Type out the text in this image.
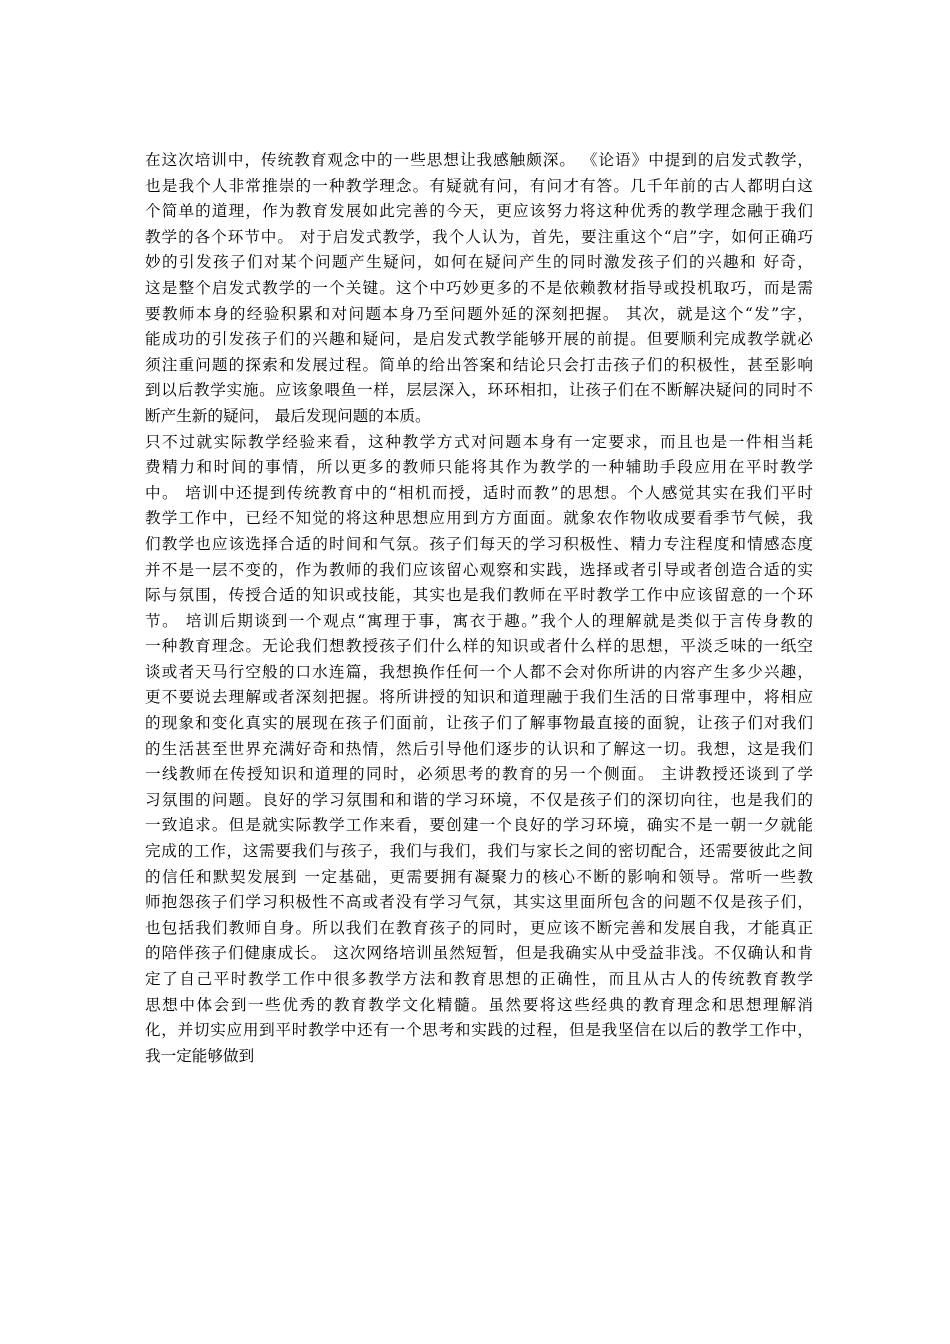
在这次培训中，传统教育观念中的一些思想让我感触颇深。 《论语》中提到的启发式教学，
也是我个人非常推崇的一种教学理念。有疑就有问，有问才有答。几千年前的古人都明白这
个简单的道理，作为教育发展如此完善的今天，更应该努力将这种优秀的教学理念融于我们
教学的各个环节中。 对于启发式教学，我个人认为，首先，要注重这个“启”字，如何正确巧
妙的引发孩子们对某个问题产生疑问，如何在疑问产生的同时激发孩子们的兴趣和 好奇，
这是整个启发式教学的一个关键。这个中巧妙更多的不是依赖教材指导或投机取巧，而是需
要教师本身的经验积累和对问题本身乃至问题外延的深刻把握。 其次，就是这个“发”字，
能成功的引发孩子们的兴趣和疑问，是启发式教学能够开展的前提。但要顺利完成教学就必
须注重问题的探索和发展过程。简单的给出答案和结论只会打击孩子们的积极性，甚至影响
到以后教学实施。应该象喂鱼一样，层层深入，环环相扣，让孩子们在不断解决疑问的同时不
断产生新的疑问， 最后发现问题的本质。
只不过就实际教学经验来看，这种教学方式对问题本身有一定要求，而且也是一件相当耗
费精力和时间的事情，所以更多的教师只能将其作为教学的一种辅助手段应用在平时教学
中。 培训中还提到传统教育中的“相机而授，适时而教”的思想。个人感觉其实在我们平时
教学工作中，已经不知觉的将这种思想应用到方方面面。就象农作物收成要看季节气候，我
们教学也应该选择合适的时间和气氛。孩子们每天的学习积极性、精力专注程度和情感态度
并不是一层不变的，作为教师的我们应该留心观察和实践，选择或者引导或者创造合适的实
际与氛围，传授合适的知识或技能，其实也是我们教师在平时教学工作中应该留意的一个环
节。 培训后期谈到一个观点“寓理于事，寓衣于趣。”我个人的理解就是类似于言传身教的
一种教育理念。无论我们想教授孩子们什么样的知识或者什么样的思想，平淡乏味的一纸空
谈或者天马行空般的口水连篇，我想换作任何一个人都不会对你所讲的内容产生多少兴趣，
更不要说去理解或者深刻把握。将所讲授的知识和道理融于我们生活的日常事理中，将相应
的现象和变化真实的展现在孩子们面前，让孩子们了解事物最直接的面貌，让孩子们对我们
的生活甚至世界充满好奇和热情，然后引导他们逐步的认识和了解这一切。我想，这是我们
一线教师在传授知识和道理的同时，必须思考的教育的另一个侧面。 主讲教授还谈到了学
习氛围的问题。良好的学习氛围和和谐的学习环境，不仅是孩子们的深切向往，也是我们的
一致追求。但是就实际教学工作来看，要创建一个良好的学习环境，确实不是一朝一夕就能
完成的工作，这需要我们与孩子，我们与我们，我们与家长之间的密切配合，还需要彼此之间
的信任和默契发展到 一定基础，更需要拥有凝聚力的核心不断的影响和领导。常听一些教
师抱怨孩子们学习积极性不高或者没有学习气氛，其实这里面所包含的问题不仅是孩子们，
也包括我们教师自身。所以我们在教育孩子的同时，更应该不断完善和发展自我，才能真正
的陪伴孩子们健康成长。 这次网络培训虽然短暂，但是我确实从中受益非浅。不仅确认和肯
定了自己平时教学工作中很多教学方法和教育思想的正确性，而且从古人的传统教育教学
思想中体会到一些优秀的教育教学文化精髓。虽然要将这些经典的教育理念和思想理解消
化，并切实应用到平时教学中还有一个思考和实践的过程，但是我坚信在以后的教学工作中，
我一定能够做到
